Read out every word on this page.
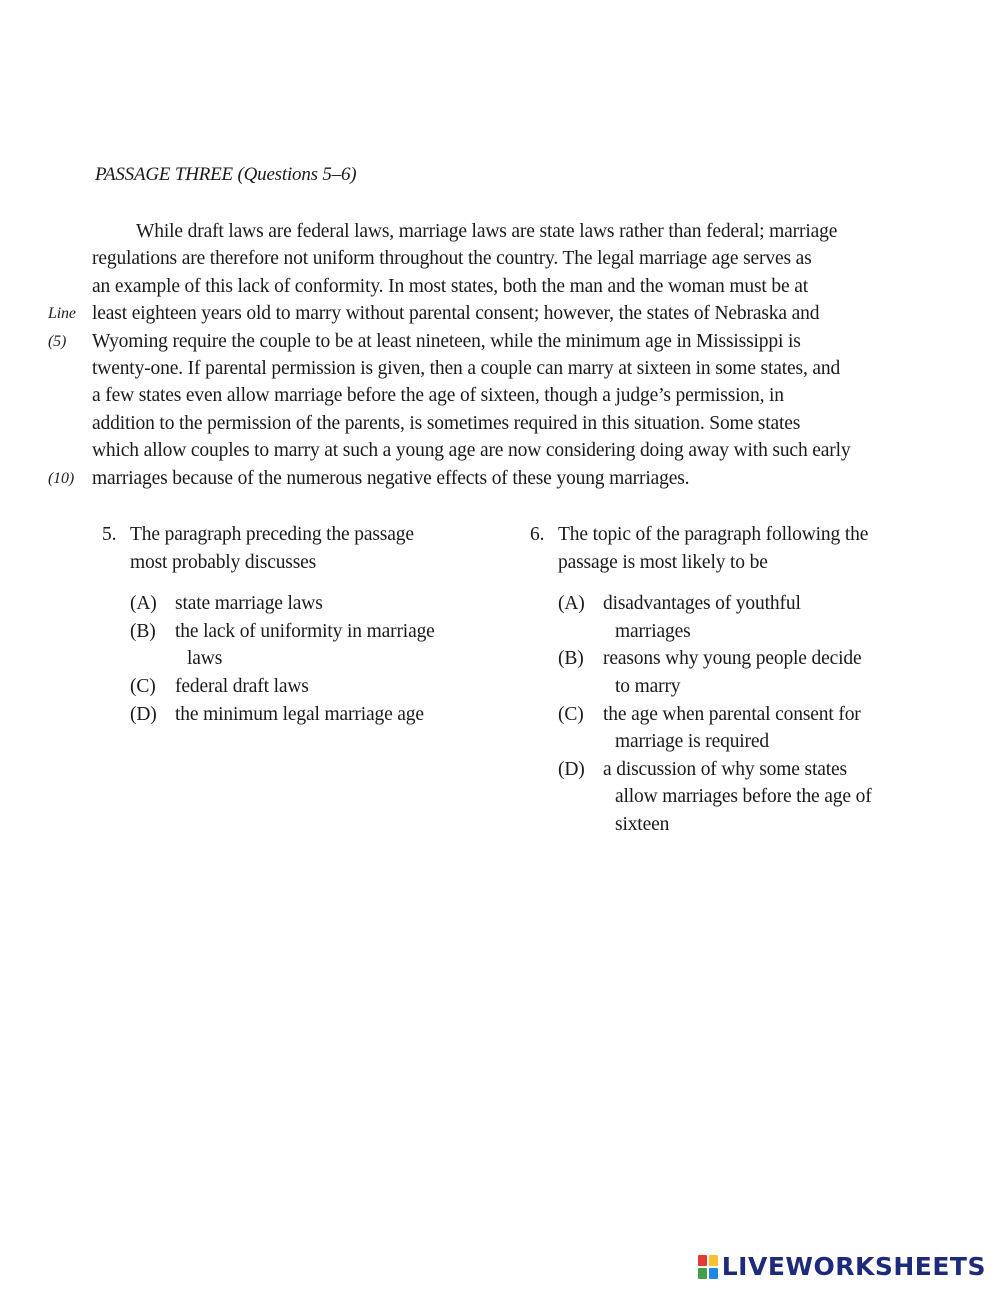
PASSAGE THREE (Questions 5–6)
While draft laws are federal laws, marriage laws are state laws rather than federal; marriage
regulations are therefore not uniform throughout the country. The legal marriage age serves as
an example of this lack of conformity. In most states, both the man and the woman must be at
Line least eighteen years old to marry without parental consent; however, the states of Nebraska and
(5) Wyoming require the couple to be at least nineteen, while the minimum age in Mississippi is
twenty-one. If parental permission is given, then a couple can marry at sixteen in some states, and
a few states even allow marriage before the age of sixteen, though a judge’s permission, in
addition to the permission of the parents, is sometimes required in this situation. Some states
which allow couples to marry at such a young age are now considering doing away with such early
(10) marriages because of the numerous negative effects of these young marriages.
5. The paragraph preceding the passage
most probably discusses
(A) state marriage laws
(B) the lack of uniformity in marriage
laws
(C) federal draft laws
(D) the minimum legal marriage age
6. The topic of the paragraph following the
passage is most likely to be
(A) disadvantages of youthful
marriages
(B) reasons why young people decide
to marry
(C) the age when parental consent for
marriage is required
(D) a discussion of why some states
allow marriages before the age of
sixteen
LIVEWORKSHEETS
